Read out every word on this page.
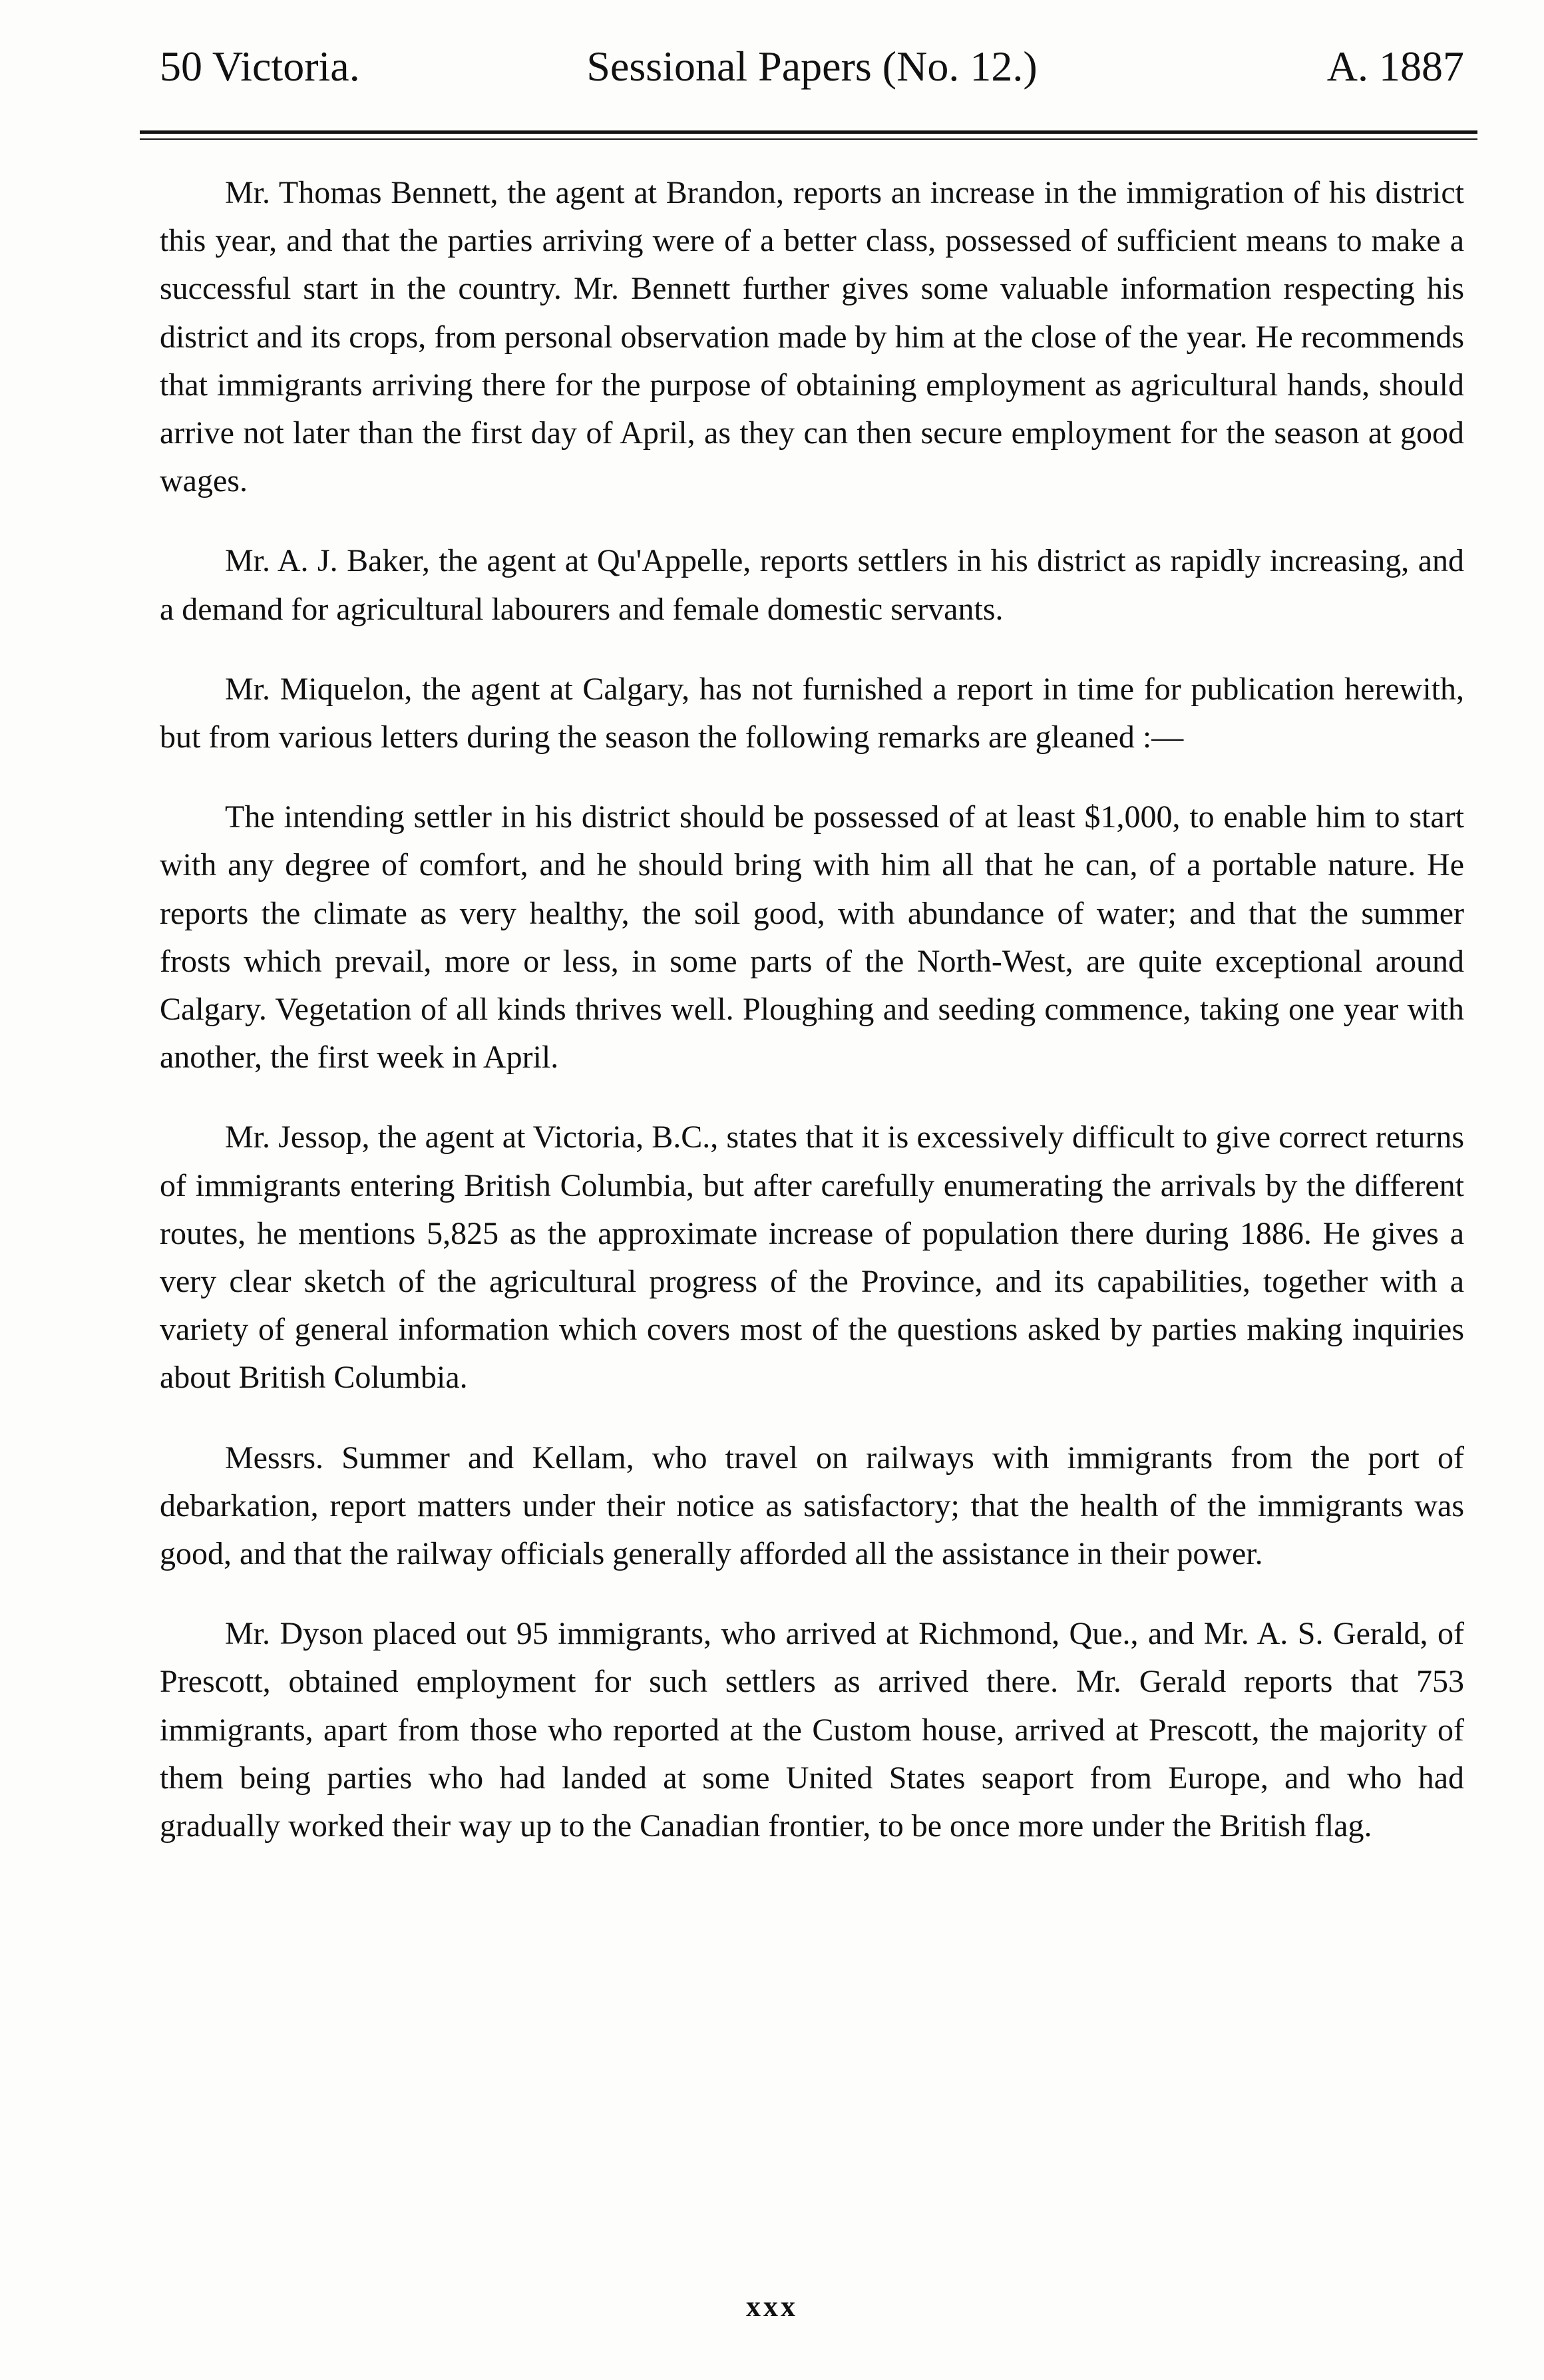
50 Victoria.	Sessional Papers (No. 12.)	A. 1887

Mr. Thomas Bennett, the agent at Brandon, reports an increase in the immigration of his district this year, and that the parties arriving were of a better class, possessed of sufficient means to make a successful start in the country. Mr. Bennett further gives some valuable information respecting his district and its crops, from personal observation made by him at the close of the year. He recommends that immigrants arriving there for the purpose of obtaining employment as agricultural hands, should arrive not later than the first day of April, as they can then secure employment for the season at good wages.

Mr. A. J. Baker, the agent at Qu'Appelle, reports settlers in his district as rapidly increasing, and a demand for agricultural labourers and female domestic servants.

Mr. Miquelon, the agent at Calgary, has not furnished a report in time for publication herewith, but from various letters during the season the following remarks are gleaned :—

The intending settler in his district should be possessed of at least $1,000, to enable him to start with any degree of comfort, and he should bring with him all that he can, of a portable nature. He reports the climate as very healthy, the soil good, with abundance of water; and that the summer frosts which prevail, more or less, in some parts of the North-West, are quite exceptional around Calgary. Vegetation of all kinds thrives well. Ploughing and seeding commence, taking one year with another, the first week in April.

Mr. Jessop, the agent at Victoria, B.C., states that it is excessively difficult to give correct returns of immigrants entering British Columbia, but after carefully enumerating the arrivals by the different routes, he mentions 5,825 as the approximate increase of population there during 1886. He gives a very clear sketch of the agricultural progress of the Province, and its capabilities, together with a variety of general information which covers most of the questions asked by parties making inquiries about British Columbia.

Messrs. Summer and Kellam, who travel on railways with immigrants from the port of debarkation, report matters under their notice as satisfactory; that the health of the immigrants was good, and that the railway officials generally afforded all the assistance in their power.

Mr. Dyson placed out 95 immigrants, who arrived at Richmond, Que., and Mr. A. S. Gerald, of Prescott, obtained employment for such settlers as arrived there. Mr. Gerald reports that 753 immigrants, apart from those who reported at the Custom house, arrived at Prescott, the majority of them being parties who had landed at some United States seaport from Europe, and who had gradually worked their way up to the Canadian frontier, to be once more under the British flag.

xxx
